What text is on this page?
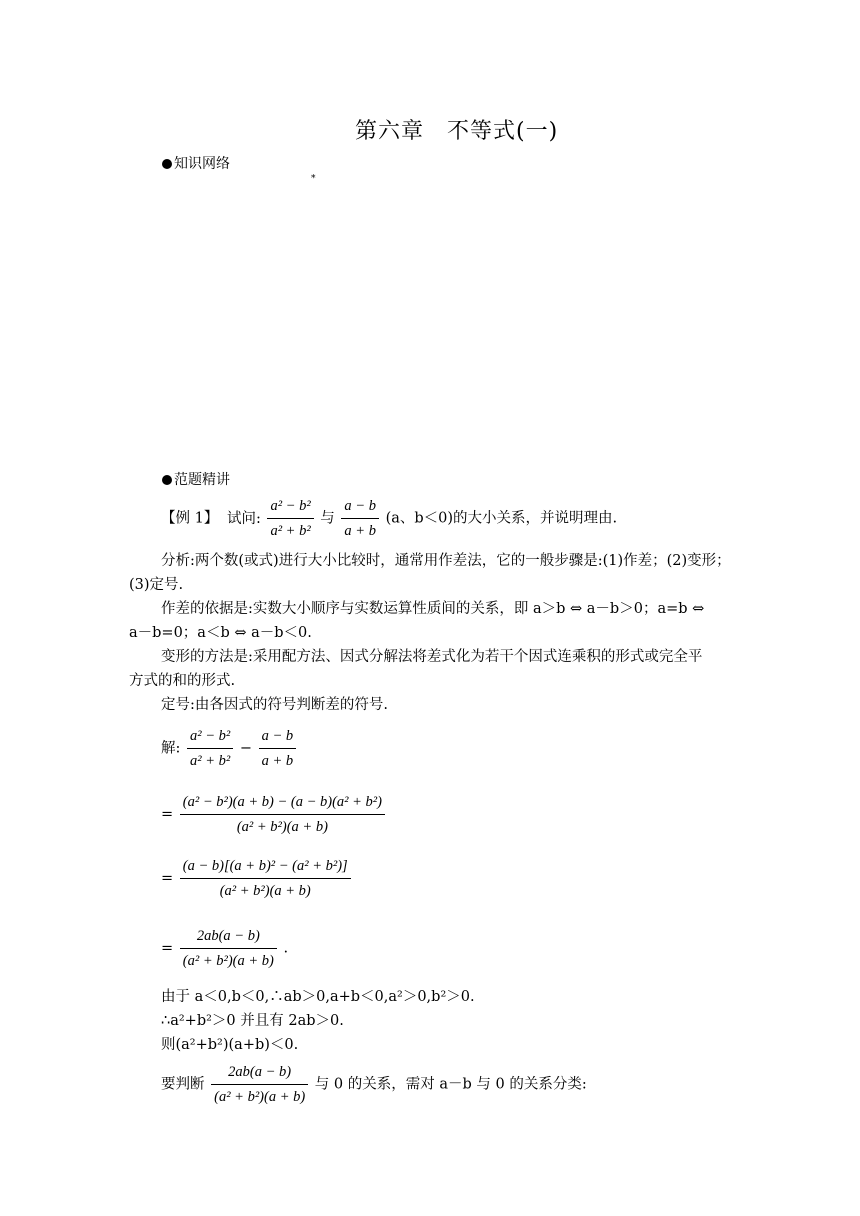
第六章　不等式(一)
知识网络
*
范题精讲
【例 1】 试问: $\frac{\text{a² − b²}}{\text{a² + b²}}$ 与 $\frac{a - b}{a + b} (a$、b＜0)的大小关系，并说明理由.
分析:两个数(或式)进行大小比较时，通常用作差法，它的一般步骤是:(1)作差；(2)变形；
(3)定号.
作差的依据是:实数大小顺序与实数运算性质间的关系，即 a＞b ⇔ a－b＞0；a=b ⇔
a－b=0；a＜b ⇔ a－b＜0.
变形的方法是:采用配方法、因式分解法将差式化为若干个因式连乘积的形式或完全平
方式的和的形式.
定号:由各因式的符号判断差的符号.
解: $\frac{\text{a² − b²}}{\text{a² + b²}} - \frac{a - b}{a + b}$
= $\frac{\text{(a² − b²)(a + b) − (a − b)(a² + b²)}}{\text{(a² + b²)(a + b)}}$
= $\frac{\text{(a − b)[(a + b)² − (a² + b²)]}}{\text{(a² + b²)(a + b)}}$
= $\frac{2ab(a - b)}{\text{(a² + b²)(a + b)}}$ .
由于 a＜0,b＜0,∴ab＞0,a+b＜0,a²＞0,b²＞0.
∴a²+b²＞0 并且有 2ab＞0.
则(a²+b²)(a+b)＜0.
要判断 $\frac{2ab(a - b)}{\text{(a² + b²)(a + b)}}$ 与 0 的关系，需对 a－b 与 0 的关系分类:
